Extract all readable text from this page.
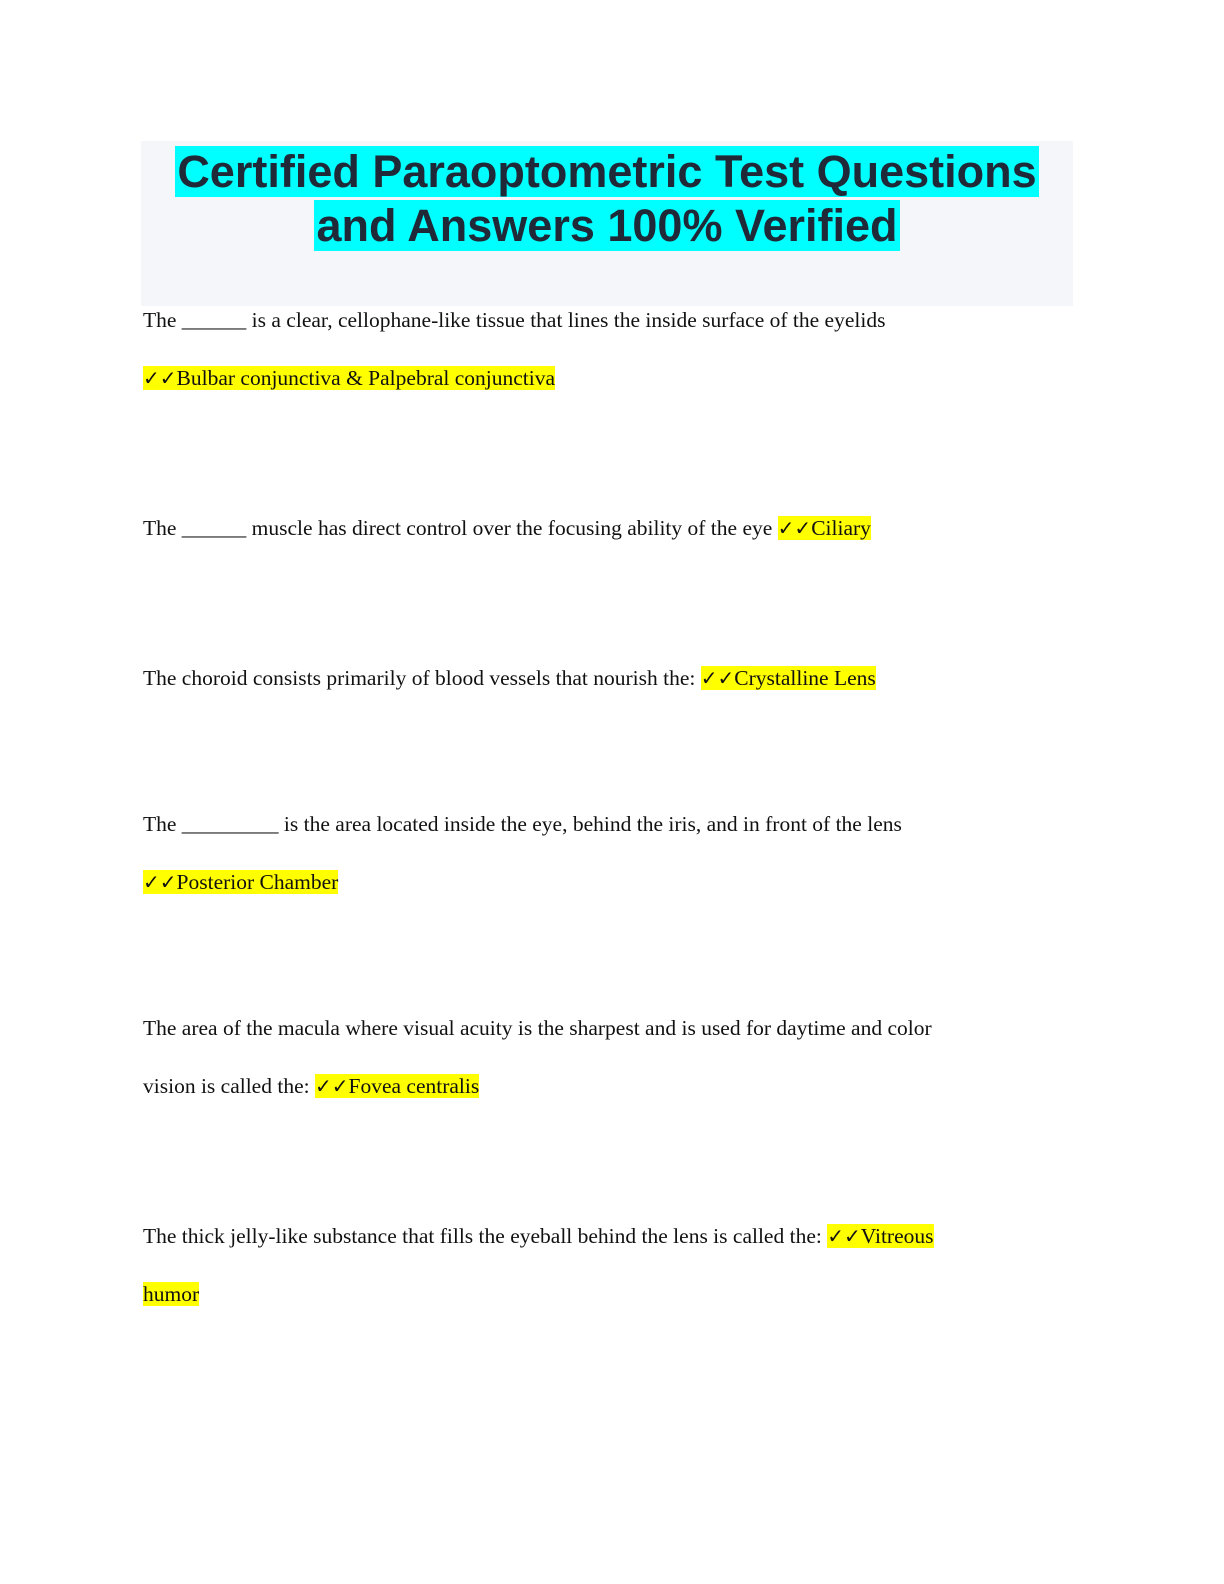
Certified Paraoptometric Test Questions
and Answers 100% Verified
The ______ is a clear, cellophane-like tissue that lines the inside surface of the eyelids
✓✓Bulbar conjunctiva & Palpebral conjunctiva
The ______ muscle has direct control over the focusing ability of the eye ✓✓Ciliary
The choroid consists primarily of blood vessels that nourish the: ✓✓Crystalline Lens
The _________ is the area located inside the eye, behind the iris, and in front of the lens
✓✓Posterior Chamber
The area of the macula where visual acuity is the sharpest and is used for daytime and color
vision is called the: ✓✓Fovea centralis
The thick jelly-like substance that fills the eyeball behind the lens is called the: ✓✓Vitreous
humor
